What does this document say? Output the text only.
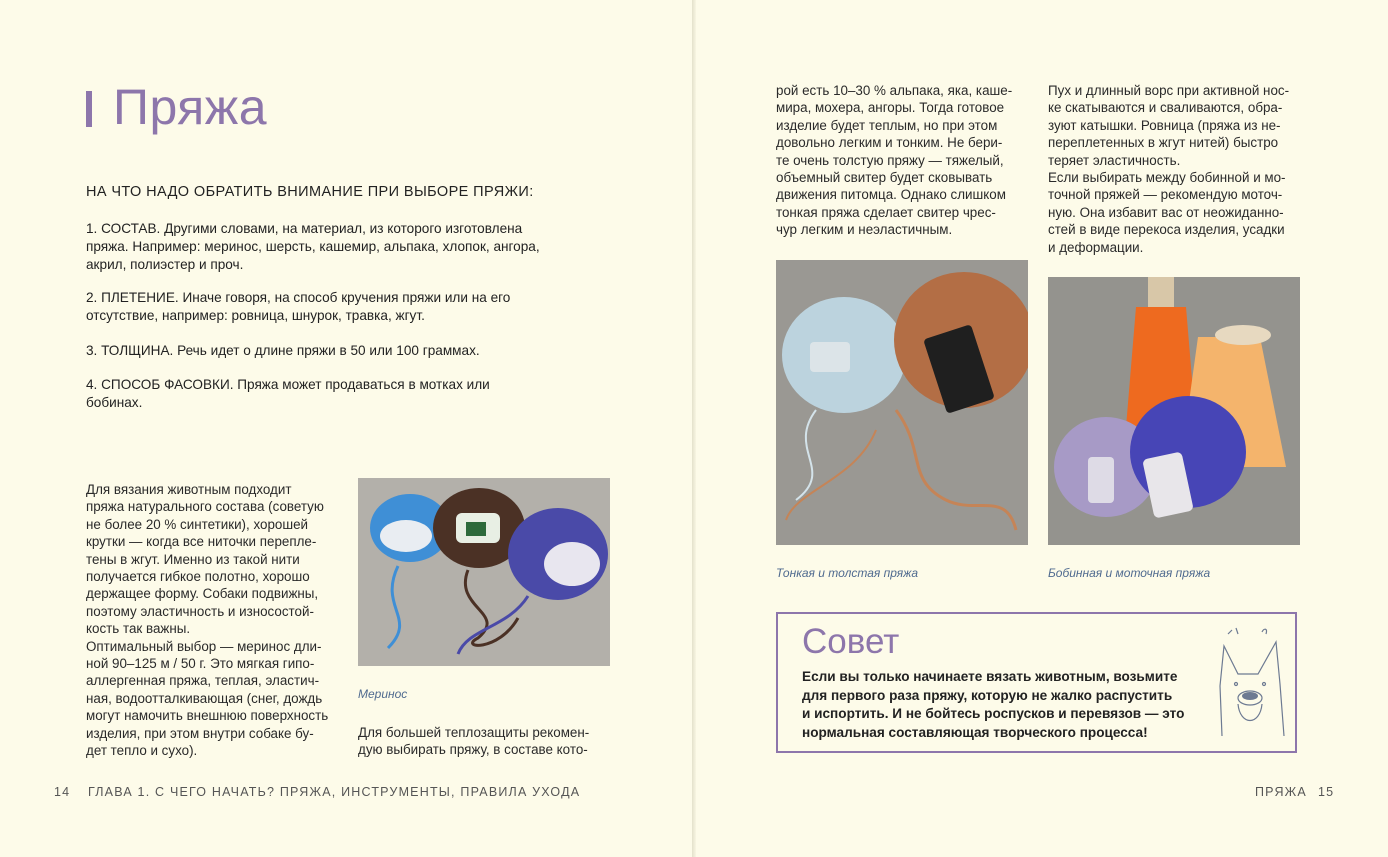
Пряжа
НА ЧТО НАДО ОБРАТИТЬ ВНИМАНИЕ ПРИ ВЫБОРЕ ПРЯЖИ:
1. СОСТАВ. Другими словами, на материал, из которого изготовлена
пряжа. Например: меринос, шерсть, кашемир, альпака, хлопок, ангора,
акрил, полиэстер и проч.
2. ПЛЕТЕНИЕ. Иначе говоря, на способ кручения пряжи или на его
отсутствие, например: ровница, шнурок, травка, жгут.
3. ТОЛЩИНА. Речь идет о длине пряжи в 50 или 100 граммах.
4. СПОСОБ ФАСОВКИ. Пряжа может продаваться в мотках или
бобинах.

Для вязания животным подходит

пряжа натурального состава (советую

не более 20 % синтетики), хорошей

крутки — когда все ниточки перепле-

тены в жгут. Именно из такой нити

получается гибкое полотно, хорошо

держащее форму. Собаки подвижны,

поэтому эластичность и износостой-

кость так важны.

Оптимальный выбор — меринос дли-

ной 90–125 м / 50 г. Это мягкая гипо-

аллергенная пряжа, теплая, эластич-

ная, водоотталкивающая (снег, дождь

могут намочить внешнюю поверхность

изделия, при этом внутри собаке бу-

дет тепло и сухо).

Меринос

Для большей теплозащиты рекомен-

дую выбирать пряжу, в составе кото-

14 ГЛАВА 1. С ЧЕГО НАЧАТЬ? ПРЯЖА, ИНСТРУМЕНТЫ, ПРАВИЛА УХОДА

рой есть 10–30 % альпака, яка, каше-

мира, мохера, ангоры. Тогда готовое

изделие будет теплым, но при этом

довольно легким и тонким. Не бери-

те очень толстую пряжу — тяжелый,

объемный свитер будет сковывать

движения питомца. Однако слишком

тонкая пряжа сделает свитер чрес-

чур легким и неэластичным.

Пух и длинный ворс при активной нос-

ке скатываются и сваливаются, обра-

зуют катышки. Ровница (пряжа из не-

переплетенных в жгут нитей) быстро

теряет эластичность.

Если выбирать между бобинной и мо-

точной пряжей — рекомендую моточ-

ную. Она избавит вас от неожиданно-

стей в виде перекоса изделия, усадки

и деформации.

Тонкая и толстая пряжа	Бобинная и моточная пряжа
Совет
Если вы только начинаете вязать животным, возьмите
для первого раза пряжу, которую не жалко распустить
и испортить. И не бойтесь роспусков и перевязов — это
нормальная составляющая творческого процесса!
ПРЯЖА 15
